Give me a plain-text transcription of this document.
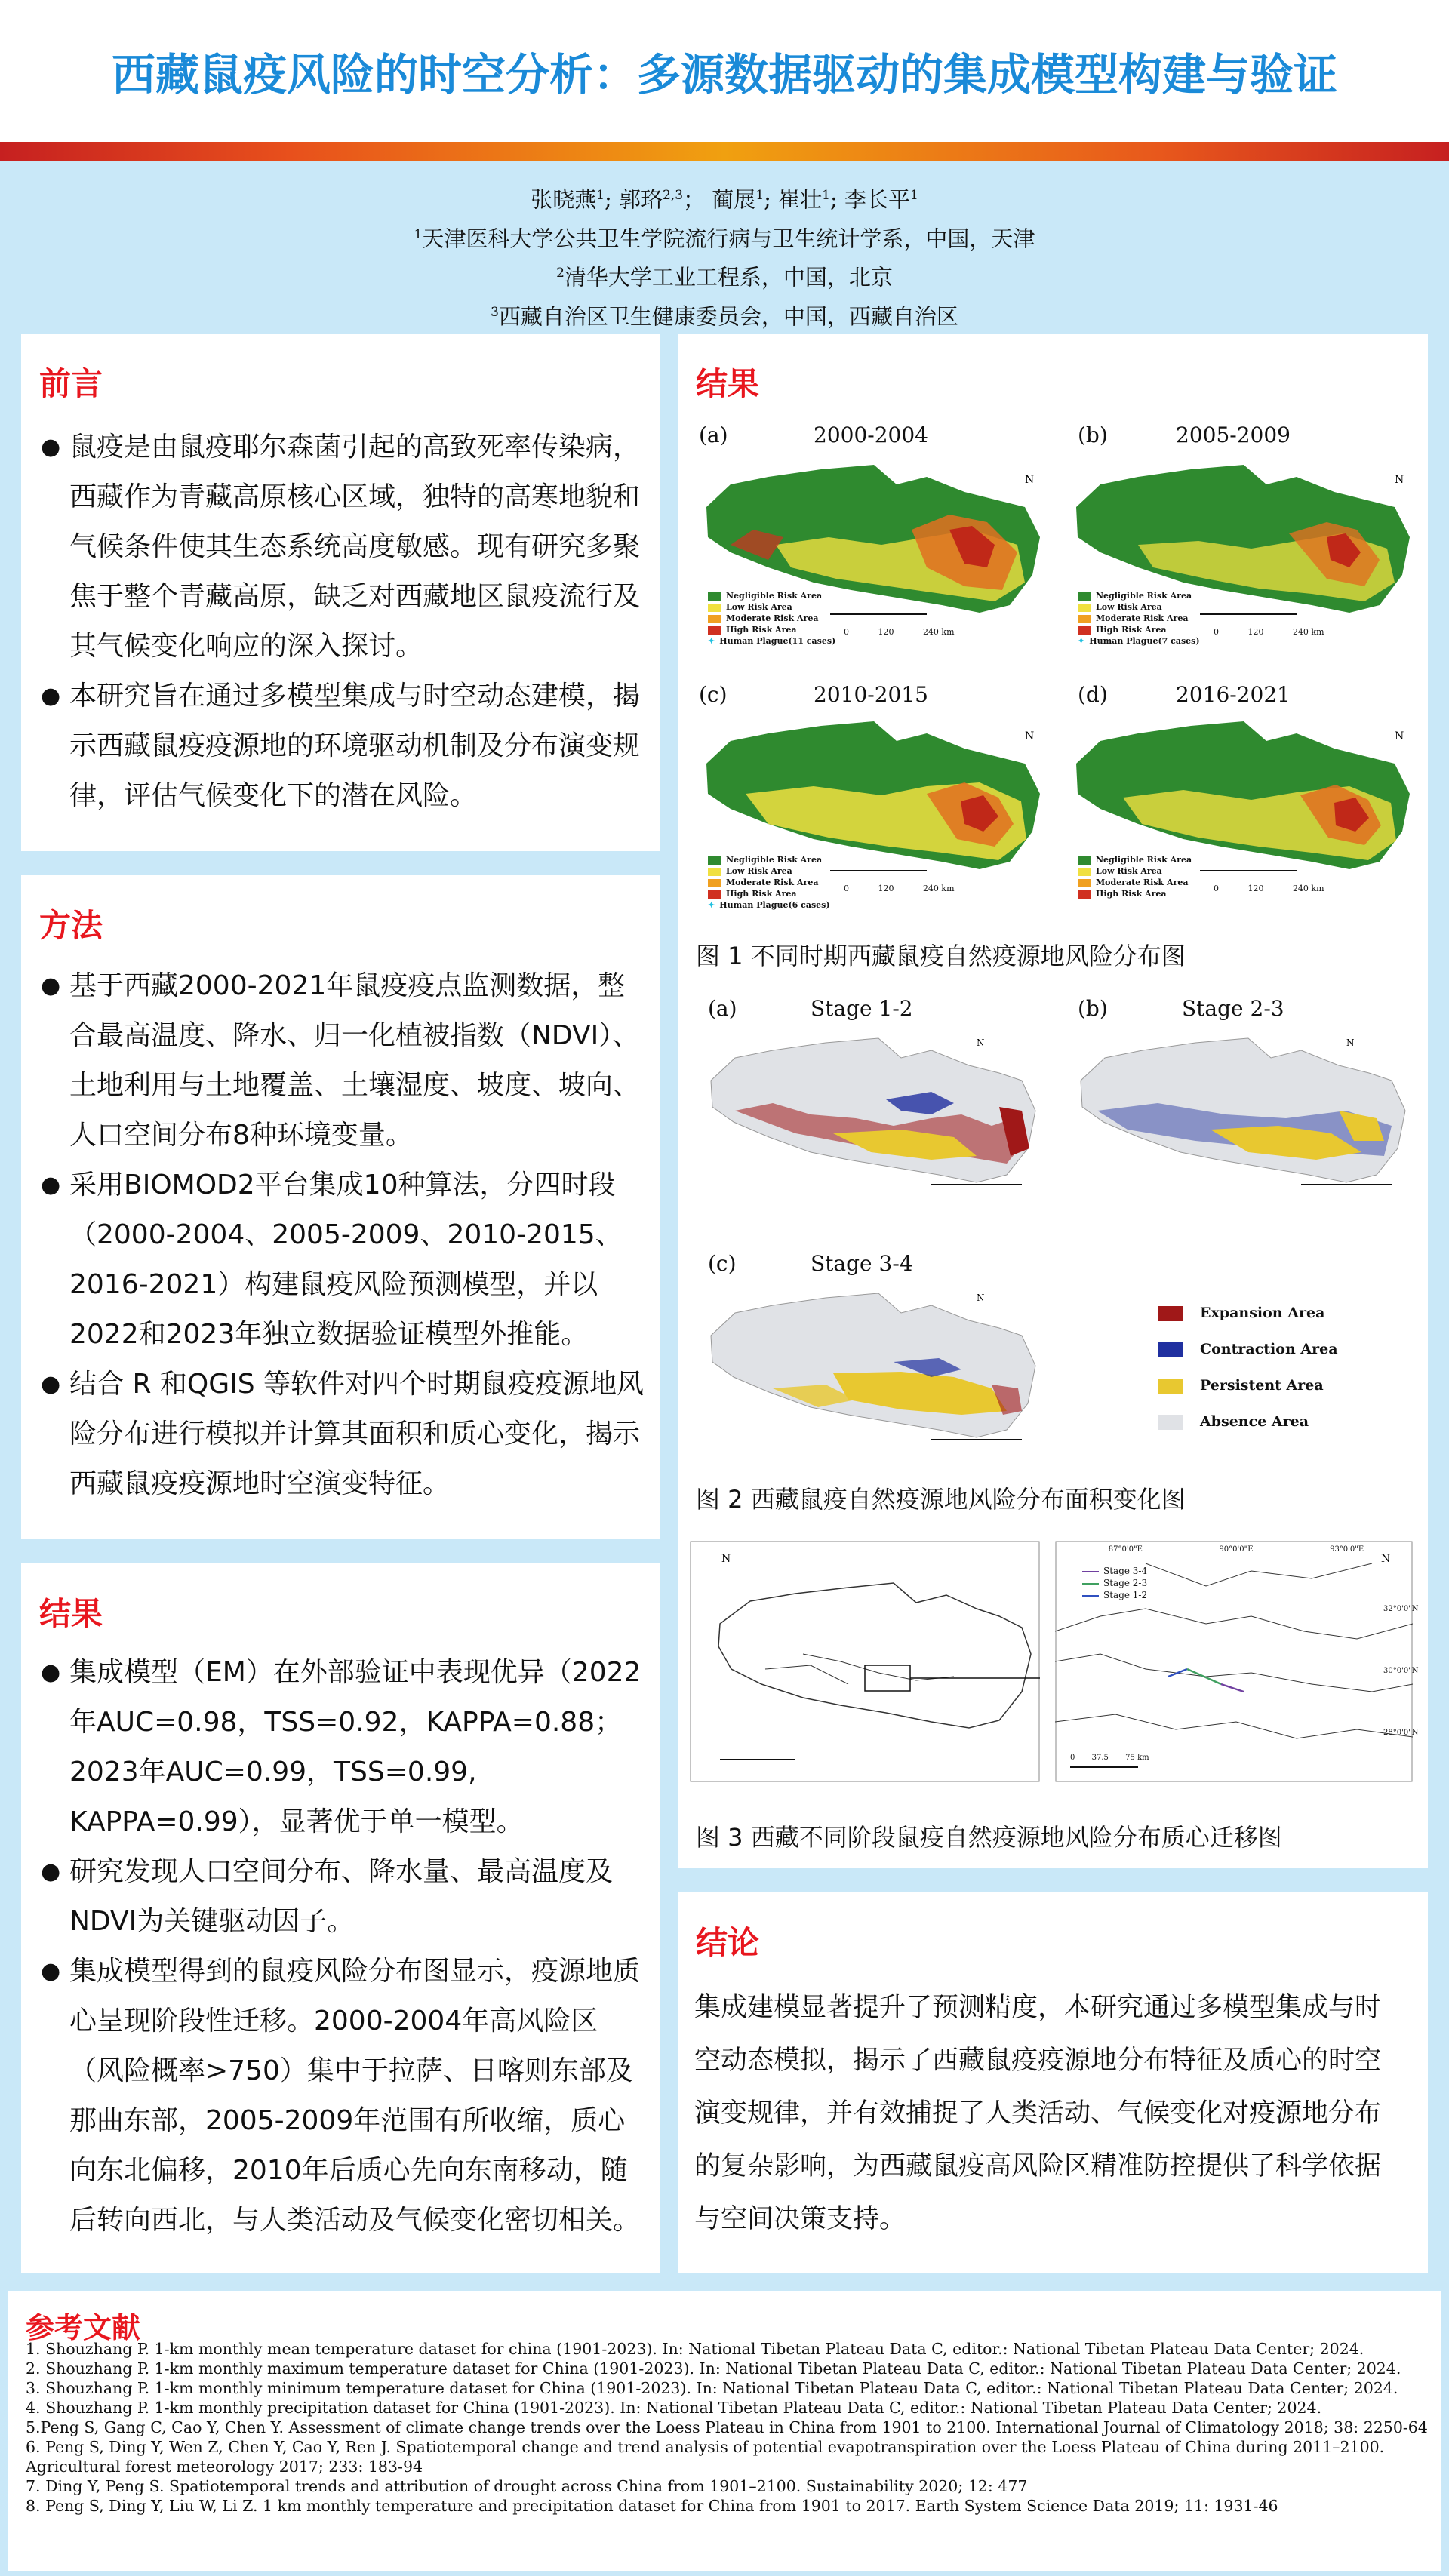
西藏鼠疫风险的时空分析：多源数据驱动的集成模型构建与验证
张晓燕$^1$; 郭珞$^{2,3}$； 蔺展$^1$; 崔壮$^1$; 李长平$^1$
$^1$天津医科大学公共卫生学院流行病与卫生统计学系，中国，天津
$^2$清华大学工业工程系，中国，北京
$^3$西藏自治区卫生健康委员会，中国，西藏自治区
前言
● 鼠疫是由鼠疫耶尔森菌引起的高致死率传染病，西藏作为青藏高原核心区域，独特的高寒地貌和气候条件使其生态系统高度敏感。现有研究多聚焦于整个青藏高原，缺乏对西藏地区鼠疫流行及其气候变化响应的深入探讨。
● 本研究旨在通过多模型集成与时空动态建模，揭示西藏鼠疫疫源地的环境驱动机制及分布演变规律，评估气候变化下的潜在风险。
方法
● 基于西藏2000-2021年鼠疫疫点监测数据，整合最高温度、降水、归一化植被指数（NDVI）、土地利用与土地覆盖、土壤湿度、坡度、坡向、人口空间分布8种环境变量。
● 采用BIOMOD2平台集成10种算法，分四时段（2000-2004、2005-2009、2010-2015、2016-2021）构建鼠疫风险预测模型，并以2022和2023年独立数据验证模型外推能。
● 结合 R 和QGIS 等软件对四个时期鼠疫疫源地风险分布进行模拟并计算其面积和质心变化，揭示西藏鼠疫疫源地时空演变特征。
结果
● 集成模型（EM）在外部验证中表现优异（2022年AUC=0.98，TSS=0.92，KAPPA=0.88；2023年AUC=0.99，TSS=0.99, KAPPA=0.99），显著优于单一模型。
● 研究发现人口空间分布、降水量、最高温度及NDVI为关键驱动因子。
● 集成模型得到的鼠疫风险分布图显示，疫源地质心呈现阶段性迁移。2000-2004年高风险区（风险概率>750）集中于拉萨、日喀则东部及那曲东部，2005-2009年范围有所收缩，质心向东北偏移，2010年后质心先向东南移动，随后转向西北，与人类活动及气候变化密切相关。
结果
(a)	2000-2004
N
Negligible Risk Area
Low Risk Area
Moderate Risk Area
High Risk Area
✦ Human Plague(11 cases)
0	120	240 km
(b)	2005-2009
N
Negligible Risk Area
Low Risk Area
Moderate Risk Area
High Risk Area
✦ Human Plague(7 cases)
0	120	240 km
(c)	2010-2015
N
Negligible Risk Area
Low Risk Area
Moderate Risk Area
High Risk Area
✦ Human Plague(6 cases)
0	120	240 km
(d)	2016-2021
N
Negligible Risk Area
Low Risk Area
Moderate Risk Area
High Risk Area
0	120	240 km
图 1 不同时期西藏鼠疫自然疫源地风险分布图
(a)	Stage 1-2
N
(b)	Stage 2-3
N
(c)	Stage 3-4
N
Expansion Area
Contraction Area
Persistent Area
Absence Area
图 2 西藏鼠疫自然疫源地风险分布面积变化图
N	N
Stage 3-4
Stage 2-3
Stage 1-2
87°0'0"E	90°0'0"E	93°0'0"E
32°0'0"N
30°0'0"N
28°0'0"N
0 37.5 75 km
图 3 西藏不同阶段鼠疫自然疫源地风险分布质心迁移图
结论
集成建模显著提升了预测精度，本研究通过多模型集成与时空动态模拟，揭示了西藏鼠疫疫源地分布特征及质心的时空演变规律，并有效捕捉了人类活动、气候变化对疫源地分布的复杂影响，为西藏鼠疫高风险区精准防控提供了科学依据与空间决策支持。
参考文献
1. Shouzhang P. 1-km monthly mean temperature dataset for china (1901-2023). In: National Tibetan Plateau Data C, editor.: National Tibetan Plateau Data Center; 2024.
2. Shouzhang P. 1-km monthly maximum temperature dataset for China (1901-2023). In: National Tibetan Plateau Data C, editor.: National Tibetan Plateau Data Center; 2024.
3. Shouzhang P. 1-km monthly minimum temperature dataset for China (1901-2023). In: National Tibetan Plateau Data C, editor.: National Tibetan Plateau Data Center; 2024.
4. Shouzhang P. 1-km monthly precipitation dataset for China (1901-2023). In: National Tibetan Plateau Data C, editor.: National Tibetan Plateau Data Center; 2024.
5.Peng S, Gang C, Cao Y, Chen Y. Assessment of climate change trends over the Loess Plateau in China from 1901 to 2100. International Journal of Climatology 2018; 38: 2250-64
6. Peng S, Ding Y, Wen Z, Chen Y, Cao Y, Ren J. Spatiotemporal change and trend analysis of potential evapotranspiration over the Loess Plateau of China during 2011–2100. Agricultural forest meteorology 2017; 233: 183-94
7. Ding Y, Peng S. Spatiotemporal trends and attribution of drought across China from 1901–2100. Sustainability 2020; 12: 477
8. Peng S, Ding Y, Liu W, Li Z. 1 km monthly temperature and precipitation dataset for China from 1901 to 2017. Earth System Science Data 2019; 11: 1931-46
